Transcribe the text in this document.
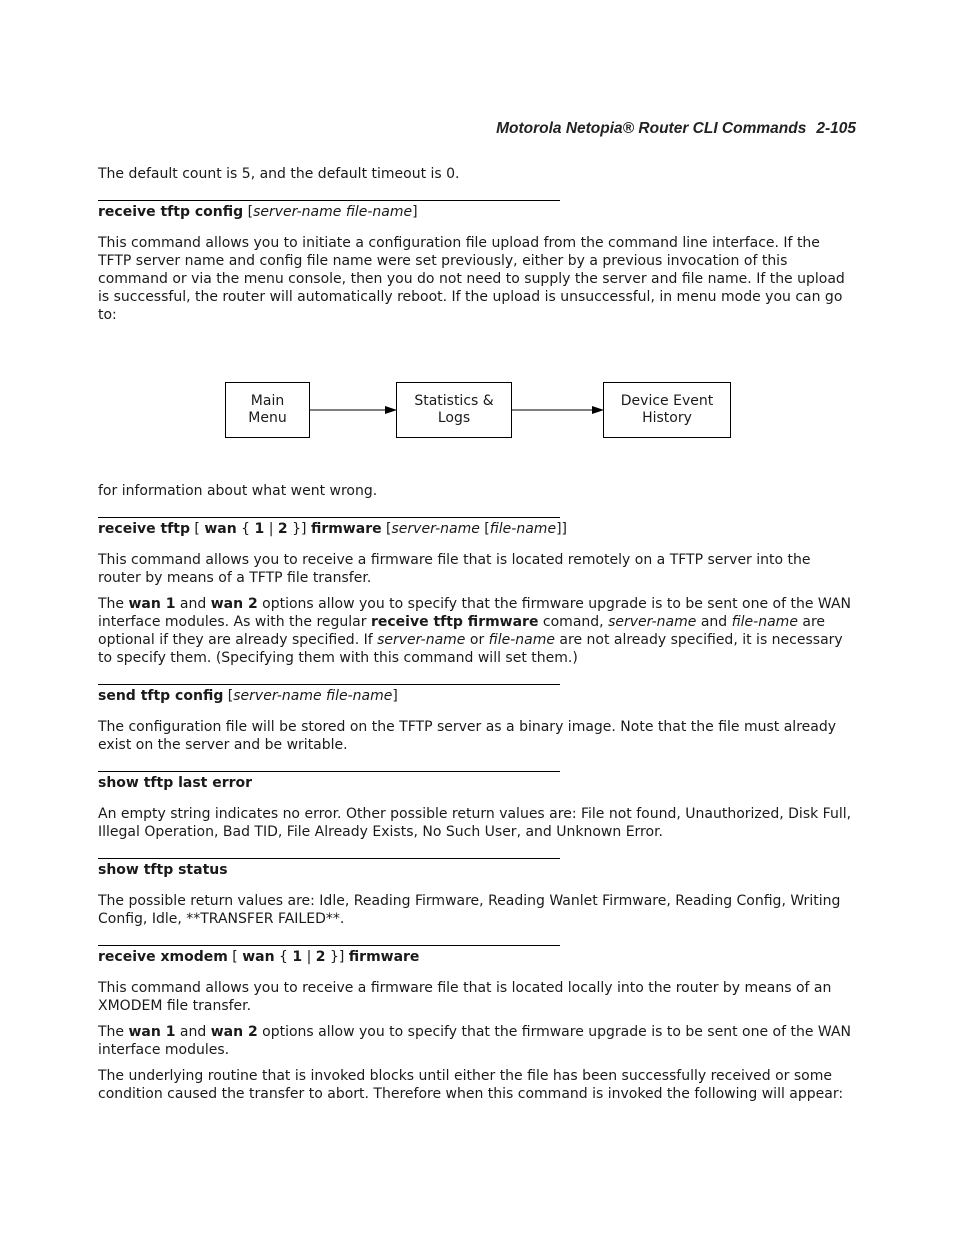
Motorola Netopia® Router CLI Commands 2-105

The default count is 5, and the default timeout is 0.

receive tftp config [server-name file-name]

This command allows you to initiate a configuration file upload from the command line interface. If the TFTP server name and config file name were set previously, either by a previous invocation of this command or via the menu console, then you do not need to supply the server and file name. If the upload is successful, the router will automatically reboot. If the upload is unsuccessful, in menu mode you can go to:

Main
Menu
Statistics &
Logs
Device Event
History

for information about what went wrong.

receive tftp [ wan { 1 | 2 }] firmware [server-name [file-name]]

This command allows you to receive a firmware file that is located remotely on a TFTP server into the router by means of a TFTP file transfer.

The wan 1 and wan 2 options allow you to specify that the firmware upgrade is to be sent one of the WAN interface modules. As with the regular receive tftp firmware comand, server-name and file-name are optional if they are already specified. If server-name or file-name are not already specified, it is necessary to specify them. (Specifying them with this command will set them.)

send tftp config [server-name file-name]

The configuration file will be stored on the TFTP server as a binary image. Note that the file must already exist on the server and be writable.

show tftp last error

An empty string indicates no error. Other possible return values are: File not found, Unauthorized, Disk Full, Illegal Operation, Bad TID, File Already Exists, No Such User, and Unknown Error.

show tftp status

The possible return values are: Idle, Reading Firmware, Reading Wanlet Firmware, Reading Config, Writing Config, Idle, **TRANSFER FAILED**.

receive xmodem [ wan { 1 | 2 }] firmware

This command allows you to receive a firmware file that is located locally into the router by means of an XMODEM file transfer.

The wan 1 and wan 2 options allow you to specify that the firmware upgrade is to be sent one of the WAN interface modules.

The underlying routine that is invoked blocks until either the file has been successfully received or some condition caused the transfer to abort. Therefore when this command is invoked the following will appear:
